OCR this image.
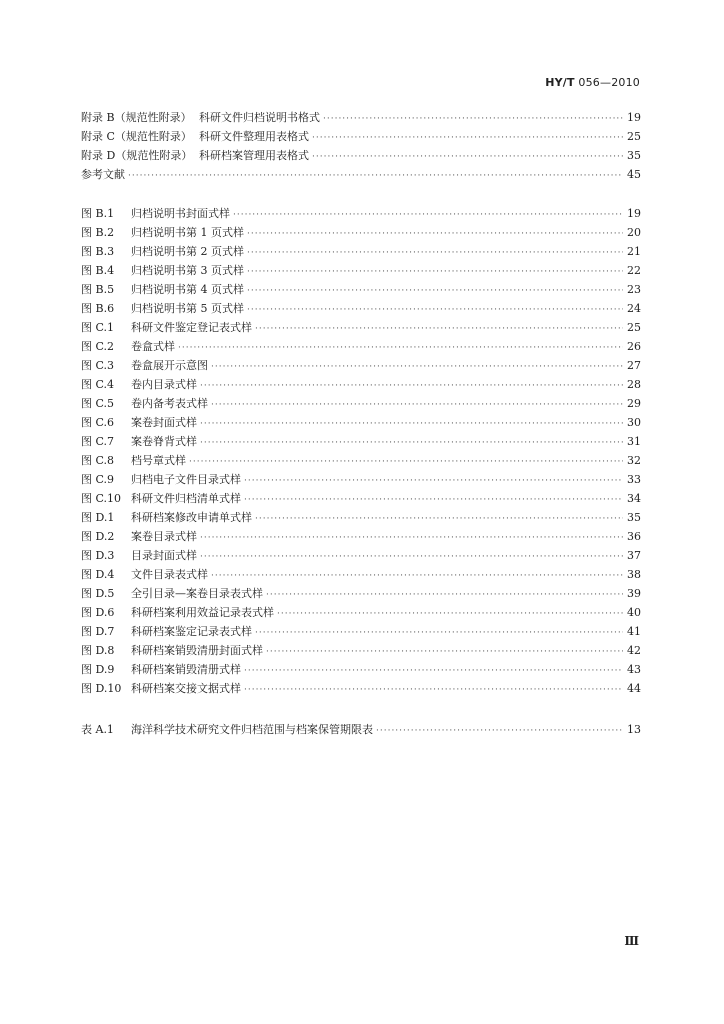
HY/T 056—2010
附录 B（规范性附录） 科研文件归档说明书格式 ·····	19
附录 C（规范性附录） 科研文件整理用表格式 ·····	25
附录 D（规范性附录） 科研档案管理用表格式 ·····	35
参考文献 ·····	45
图 B.1	归档说明书封面式样 ·····	19
图 B.2	归档说明书第 1 页式样 ·····	20
图 B.3	归档说明书第 2 页式样 ·····	21
图 B.4	归档说明书第 3 页式样 ·····	22
图 B.5	归档说明书第 4 页式样 ·····	23
图 B.6	归档说明书第 5 页式样 ·····	24
图 C.1	科研文件鉴定登记表式样 ·····	25
图 C.2	卷盒式样 ·····	26
图 C.3	卷盒展开示意图 ·····	27
图 C.4	卷内目录式样 ·····	28
图 C.5	卷内备考表式样 ·····	29
图 C.6	案卷封面式样 ·····	30
图 C.7	案卷脊背式样 ·····	31
图 C.8	档号章式样 ·····	32
图 C.9	归档电子文件目录式样 ·····	33
图 C.10 科研文件归档清单式样 ·····	34
图 D.1	科研档案修改申请单式样 ·····	35
图 D.2	案卷目录式样 ·····	36
图 D.3	目录封面式样 ·····	37
图 D.4	文件目录表式样 ·····	38
图 D.5	全引目录—案卷目录表式样 ·····	39
图 D.6	科研档案利用效益记录表式样 ·····	40
图 D.7	科研档案鉴定记录表式样 ·····	41
图 D.8	科研档案销毁清册封面式样 ·····	42
图 D.9	科研档案销毁清册式样 ·····	43
图 D.10 科研档案交接文据式样 ·····	44
表 A.1	海洋科学技术研究文件归档范围与档案保管期限表 ·····	13
Ⅲ
